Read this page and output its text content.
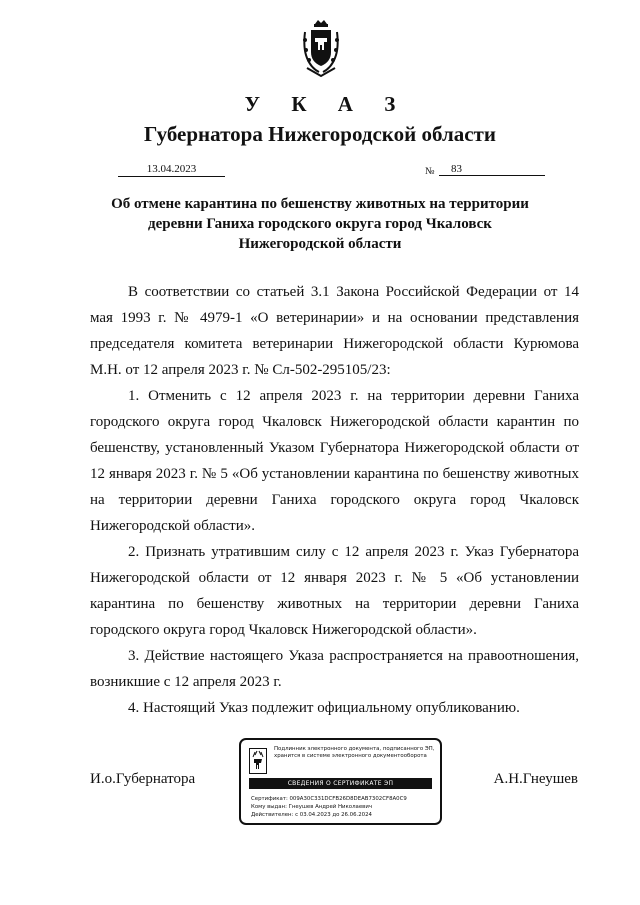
У К А З
Губернатора Нижегородской области
13.04.2023	№	83
Об отмене карантина по бешенству животных на территории
деревни Ганиха городского округа город Чкаловск
Нижегородской области

В соответствии со статьей 3.1 Закона Российской Федерации от 14 мая 1993 г. № 4979-1 «О ветеринарии» и на основании представления председателя комитета ветеринарии Нижегородской области Курюмова М.Н. от 12 апреля 2023 г. № Сл-502-295105/23:

1. Отменить с 12 апреля 2023 г. на территории деревни Ганиха городского округа город Чкаловск Нижегородской области карантин по бешенству, установленный Указом Губернатора Нижегородской области от 12 января 2023 г. № 5 «Об установлении карантина по бешенству животных на территории деревни Ганиха городского округа город Чкаловск Нижегородской области».

2. Признать утратившим силу с 12 апреля 2023 г. Указ Губернатора Нижегородской области от 12 января 2023 г. № 5 «Об установлении карантина по бешенству животных на территории деревни Ганиха городского округа город Чкаловск Нижегородской области».

3. Действие настоящего Указа распространяется на правоотношения, возникшие с 12 апреля 2023 г.

4. Настоящий Указ подлежит официальному опубликованию.

И.о.Губернатора	А.Н.Гнеушев
Подлинник электронного документа, подписанного ЭП,
хранится в системе электронного документооборота
СВЕДЕНИЯ О СЕРТИФИКАТЕ ЭП
Сертификат: 009A30C331DCFB26D8DEAB7302CF8A0C9
Кому выдан: Гнеушев Андрей Николаевич
Действителен: с 03.04.2023 до 26.06.2024
